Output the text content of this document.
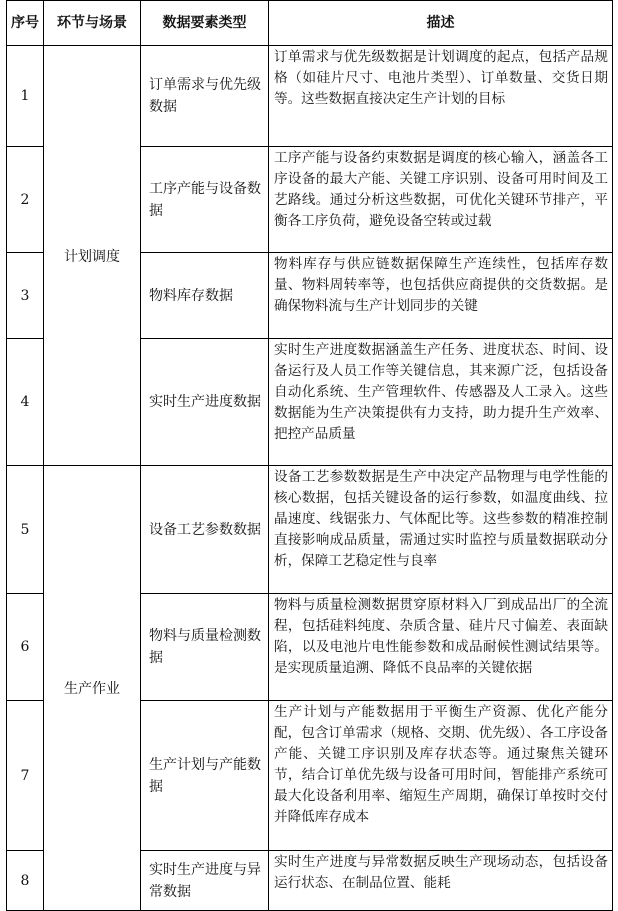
序号	环节与场景	数据要素类型	描述
1	计划调度	订单需求与优先级数据	订单需求与优先级数据是计划调度的起点，包括产品规格（如硅片尺寸、电池片类型）、订单数量、交货日期等。这些数据直接决定生产计划的目标
2		工序产能与设备数据	工序产能与设备约束数据是调度的核心输入，涵盖各工序设备的最大产能、关键工序识别、设备可用时间及工艺路线。通过分析这些数据，可优化关键环节排产，平衡各工序负荷，避免设备空转或过载
3		物料库存数据	物料库存与供应链数据保障生产连续性，包括库存数量、物料周转率等，也包括供应商提供的交货数据。是确保物料流与生产计划同步的关键
4		实时生产进度数据	实时生产进度数据涵盖生产任务、进度状态、时间、设备运行及人员工作等关键信息，其来源广泛，包括设备自动化系统、生产管理软件、传感器及人工录入。这些数据能为生产决策提供有力支持，助力提升生产效率、把控产品质量
5	生产作业	设备工艺参数数据	设备工艺参数数据是生产中决定产品物理与电学性能的核心数据，包括关键设备的运行参数，如温度曲线、拉晶速度、线锯张力、气体配比等。这些参数的精准控制直接影响成品质量，需通过实时监控与质量数据联动分析，保障工艺稳定性与良率
6		物料与质量检测数据	物料与质量检测数据贯穿原材料入厂到成品出厂的全流程，包括硅料纯度、杂质含量、硅片尺寸偏差、表面缺陷，以及电池片电性能参数和成品耐候性测试结果等。是实现质量追溯、降低不良品率的关键依据
7		生产计划与产能数据	生产计划与产能数据用于平衡生产资源、优化产能分配，包含订单需求（规格、交期、优先级）、各工序设备产能、关键工序识别及库存状态等。通过聚焦关键环节，结合订单优先级与设备可用时间，智能排产系统可最大化设备利用率、缩短生产周期，确保订单按时交付并降低库存成本
8		实时生产进度与异常数据	实时生产进度与异常数据反映生产现场动态，包括设备运行状态、在制品位置、能耗
